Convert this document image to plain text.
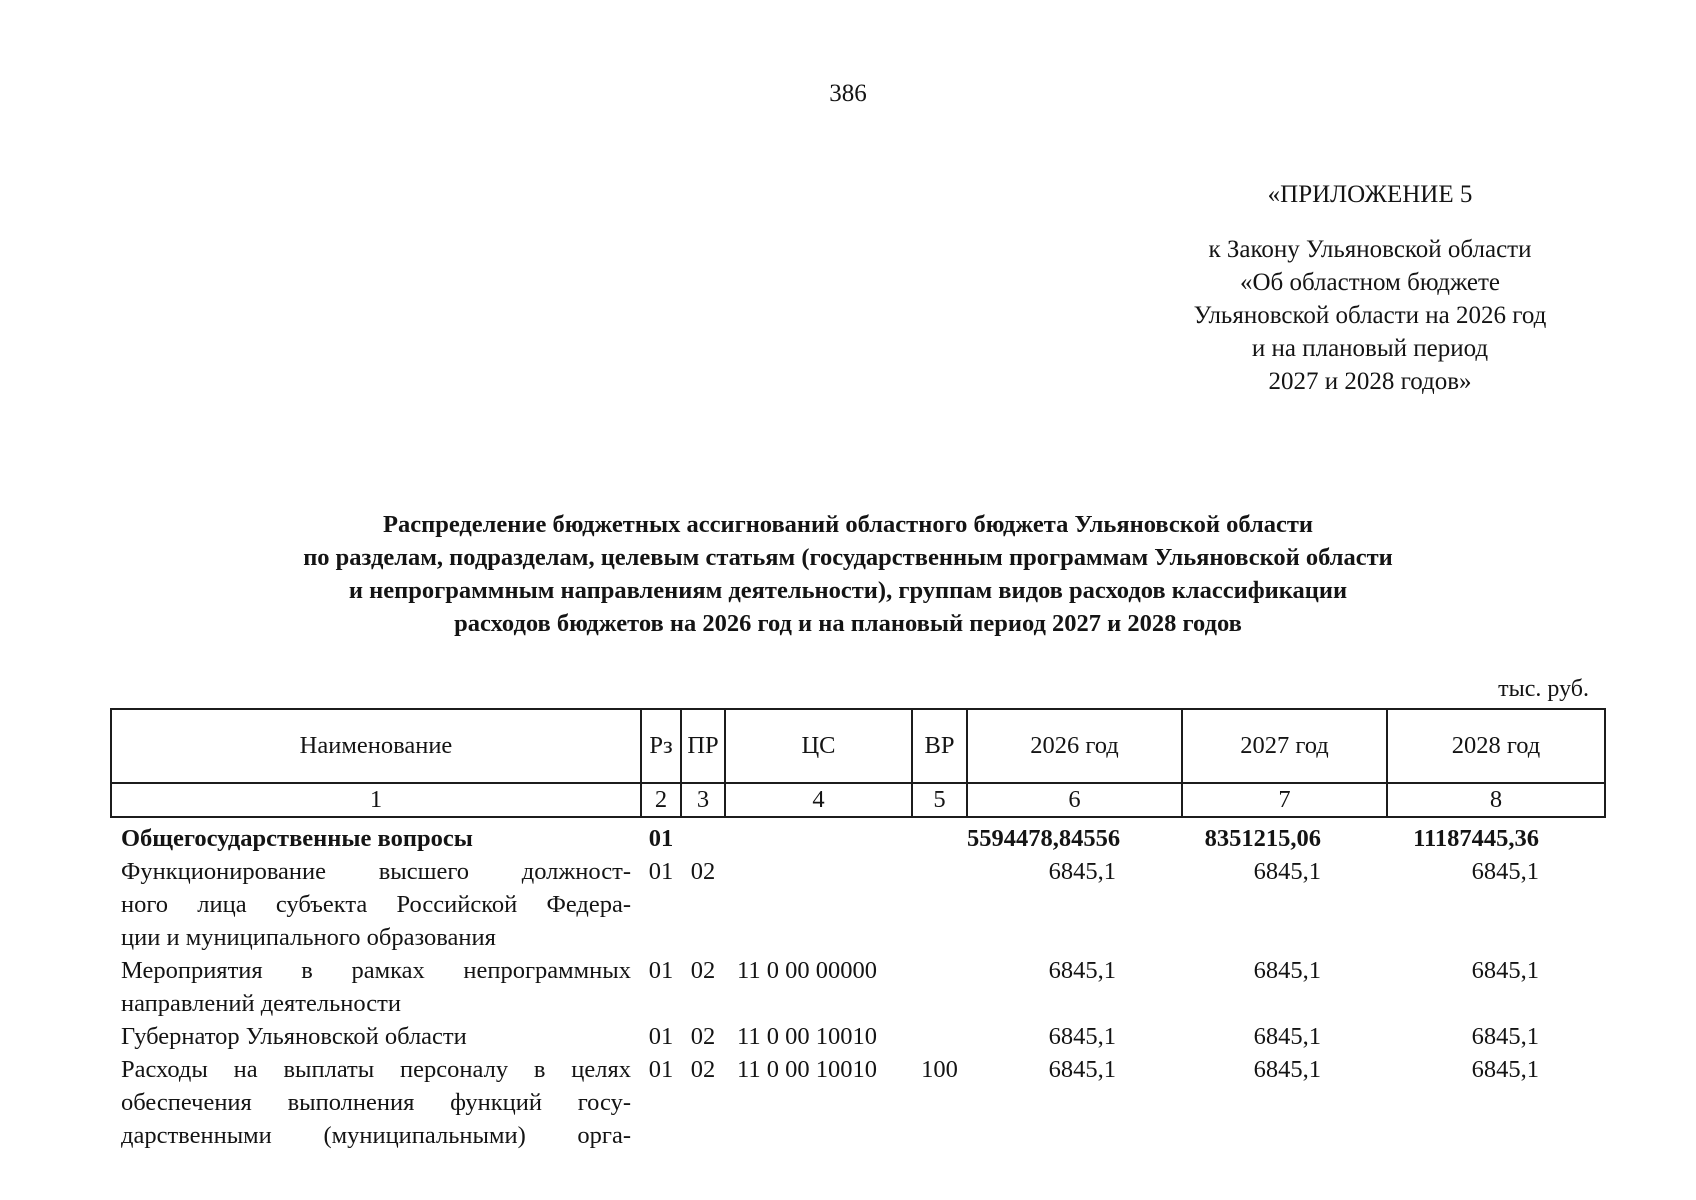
386
«ПРИЛОЖЕНИЕ 5
к Закону Ульяновской области
«Об областном бюджете
Ульяновской области на 2026 год
и на плановый период
2027 и 2028 годов»
Распределение бюджетных ассигнований областного бюджета Ульяновской области
по разделам, подразделам, целевым статьям (государственным программам Ульяновской области
и непрограммным направлениям деятельности), группам видов расходов классификации
расходов бюджетов на 2026 год и на плановый период 2027 и 2028 годов
тыс. руб.
Наименование	Рз	ПР	ЦС	ВР	2026 год	2027 год	2028 год
1	2	3	4	5	6	7	8

Общегосударственные вопросы	01				5594478,84556	8351215,06	11187445,36

Функционирование высшего должност-
ного лица субъекта Российской Федера-
ции и муниципального образования	01	02			6845,1	6845,1	6845,1

Мероприятия в рамках непрограммных
направлений деятельности	01	02	11 0 00 00000		6845,1	6845,1	6845,1

Губернатор Ульяновской области	01	02	11 0 00 10010		6845,1	6845,1	6845,1

Расходы на выплаты персоналу в целях
обеспечения выполнения функций госу-
дарственными (муниципальными) орга-	01	02	11 0 00 10010	100	6845,1	6845,1	6845,1
